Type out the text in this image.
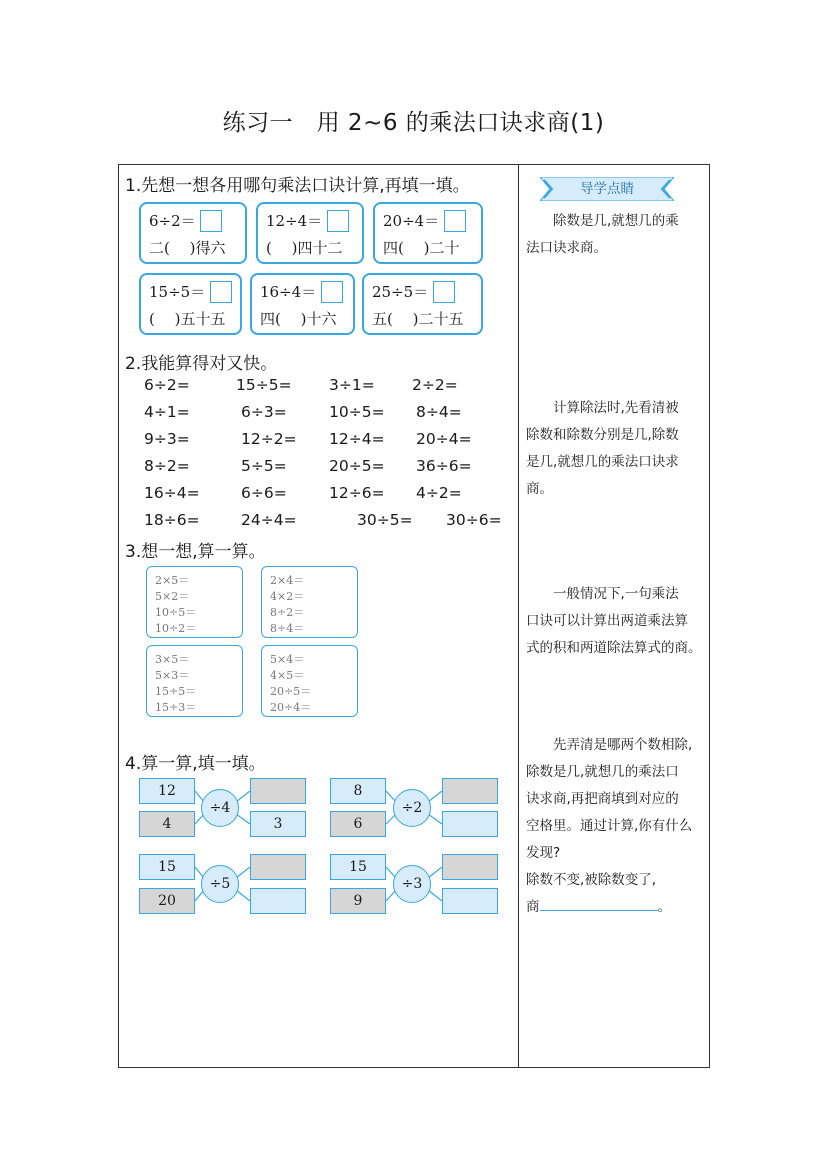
练习一　用 2~6 的乘法口诀求商(1)
1.先想一想各用哪句乘法口诀计算,再填一填。
6÷2＝
二(　 )得六
12÷4＝
(　 )四十二
20÷4＝
四(　 )二十
15÷5＝
(　 )五十五
16÷4＝
四(　 )十六
25÷5＝
五(　 )二十五
2.我能算得对又快。
6÷2=	15÷5= 3÷1= 2÷2=
4÷1=	6÷3=	10÷5= 8÷4=
9÷3=	12÷2= 12÷4= 20÷4=
8÷2=	5÷5=	20÷5= 36÷6=
16÷4=	6÷6=	12÷6= 4÷2=
18÷6=	24÷4=	30÷5= 30÷6=
3.想一想,算一算。
2×5＝
5×2＝
10÷5＝
10÷2＝
2×4＝
4×2＝
8÷2＝
8÷4＝
3×5＝
5×3＝
15÷5＝
15÷3＝
5×4＝
4×5＝
20÷5＝
20÷4＝
4.算一算,填一填。
12
4
÷4
3
8
6
÷2
15
20
÷5
15
9
÷3
导学点睛
　　除数是几,就想几的乘
法口诀求商。
　　计算除法时,先看清被
除数和除数分别是几,除数
是几,就想几的乘法口诀求
商。
　　一般情况下,一句乘法
口诀可以计算出两道乘法算
式的积和两道除法算式的商。
　　先弄清是哪两个数相除,
除数是几,就想几的乘法口
诀求商,再把商填到对应的
空格里。通过计算,你有什么
发现?
除数不变,被除数变了,
商	。
